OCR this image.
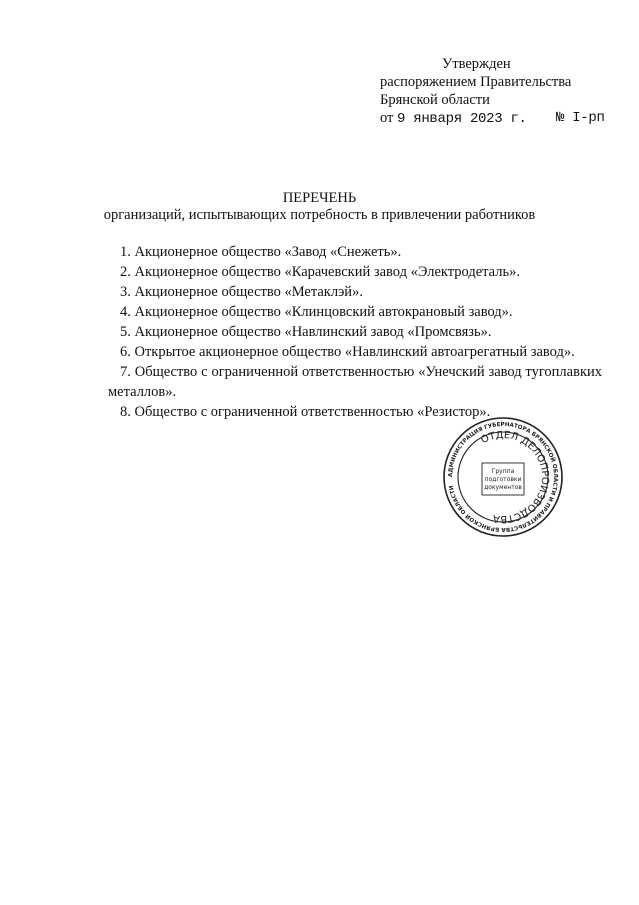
Утвержден
распоряжением Правительства
Брянской области
от 9 января 2023 г. № I-рп
ПЕРЕЧЕНЬ
организаций, испытывающих потребность в привлечении работников
1. Акционерное общество «Завод «Снежеть».
2. Акционерное общество «Карачевский завод «Электродеталь».
3. Акционерное общество «Метаклэй».
4. Акционерное общество «Клинцовский автокрановый завод».
5. Акционерное общество «Навлинский завод «Промсвязь».
6. Открытое акционерное общество «Навлинский автоагрегатный завод».
7. Общество с ограниченной ответственностью «Унечский завод тугоплавких металлов».
8. Общество с ограниченной ответственностью «Резистор».
АДМИНИСТРАЦИЯ ГУБЕРНАТОРА БРЯНСКОЙ ОБЛАСТИ И ПРАВИТЕЛЬСТВА БРЯНСКОЙ ОБЛАСТИ
ОТДЕЛ ДЕЛОПРОИЗВОДСТВА
Группа
подготовки
документов
